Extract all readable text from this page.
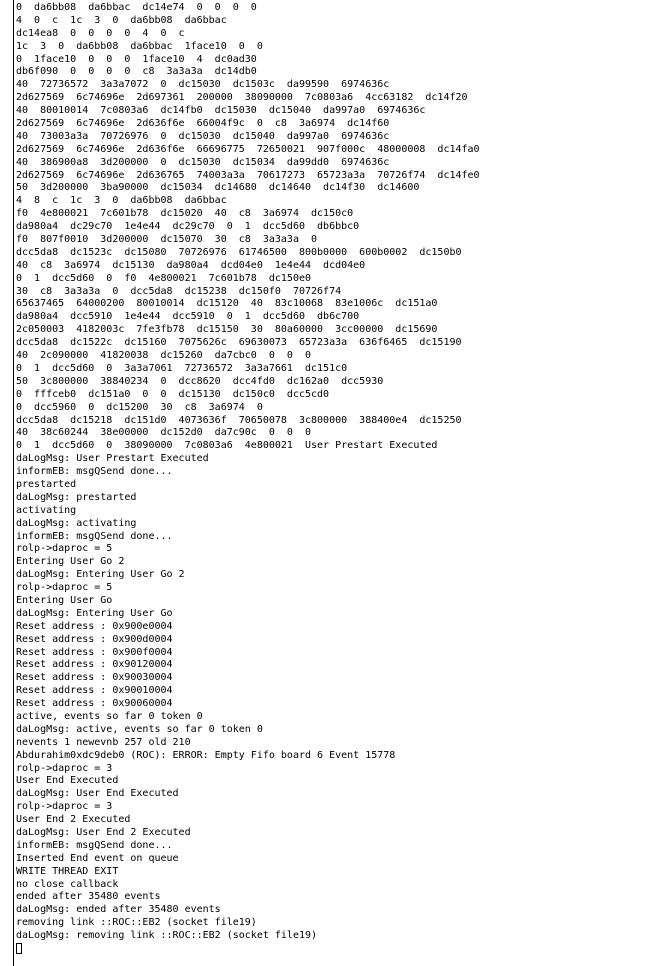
0  da6bb08  da6bbac  dc14e74  0  0  0  0
4  0  c  1c  3  0  da6bb08  da6bbac
dc14ea8  0  0  0  0  4  0  c
1c  3  0  da6bb08  da6bbac  1face10  0  0
0  1face10  0  0  0  1face10  4  dc0ad30
db6f090  0  0  0  0  c8  3a3a3a  dc14db0
40  72736572  3a3a7072  0  dc15030  dc1503c  da99590  6974636c
2d627569  6c74696e  2d697361  200000  38090000  7c0803a6  4cc63182  dc14f20
40  80010014  7c0803a6  dc14fb0  dc15030  dc15040  da997a0  6974636c
2d627569  6c74696e  2d636f6e  66004f9c  0  c8  3a6974  dc14f60
40  73003a3a  70726976  0  dc15030  dc15040  da997a0  6974636c
2d627569  6c74696e  2d636f6e  66696775  72650021  907f000c  48000008  dc14fa0
40  386900a8  3d200000  0  dc15030  dc15034  da99dd0  6974636c
2d627569  6c74696e  2d636765  74003a3a  70617273  65723a3a  70726f74  dc14fe0
50  3d200000  3ba90000  dc15034  dc14680  dc14640  dc14f30  dc14600
4  8  c  1c  3  0  da6bb08  da6bbac
f0  4e800021  7c601b78  dc15020  40  c8  3a6974  dc150c0
da980a4  dc29c70  1e4e44  dc29c70  0  1  dcc5d60  db6bbc0
f0  807f0010  3d200000  dc15070  30  c8  3a3a3a  0
dcc5da8  dc1523c  dc15080  70726976  61746500  800b0000  600b0002  dc150b0
40  c8  3a6974  dc15130  da980a4  dcd04e0  1e4e44  dcd04e0
0  1  dcc5d60  0  f0  4e800021  7c601b78  dc150e0
30  c8  3a3a3a  0  dcc5da8  dc15238  dc150f0  70726f74
65637465  64000200  80010014  dc15120  40  83c10068  83e1006c  dc151a0
da980a4  dcc5910  1e4e44  dcc5910  0  1  dcc5d60  db6c700
2c050003  4182003c  7fe3fb78  dc15150  30  80a60000  3cc00000  dc15690
dcc5da8  dc1522c  dc15160  7075626c  69630073  65723a3a  636f6465  dc15190
40  2c090000  41820038  dc15260  da7cbc0  0  0  0
0  1  dcc5d60  0  3a3a7061  72736572  3a3a7661  dc151c0
50  3c800000  38840234  0  dcc8620  dcc4fd0  dc162a0  dcc5930
0  fffceb0  dc151a0  0  0  dc15130  dc150c0  dcc5cd0
0  dcc5960  0  dc15200  30  c8  3a6974  0
dcc5da8  dc15218  dc151d0  4073636f  70650078  3c800000  388400e4  dc15250
40  38c60244  38e00000  dc152d0  da7c90c  0  0  0
0  1  dcc5d60  0  38090000  7c0803a6  4e800021  User Prestart Executed
daLogMsg: User Prestart Executed
informEB: msgQSend done...
prestarted
daLogMsg: prestarted
activating
daLogMsg: activating
informEB: msgQSend done...
rolp->daproc = 5
Entering User Go 2
daLogMsg: Entering User Go 2
rolp->daproc = 5
Entering User Go
daLogMsg: Entering User Go
Reset address : 0x900e0004
Reset address : 0x900d0004
Reset address : 0x900f0004
Reset address : 0x90120004
Reset address : 0x90030004
Reset address : 0x90010004
Reset address : 0x90060004
active, events so far 0 token 0
daLogMsg: active, events so far 0 token 0
nevents 1 newevnb 257 old 210
Abdurahim0xdc9deb0 (ROC): ERROR: Empty Fifo board 6 Event 15778
rolp->daproc = 3
User End Executed
daLogMsg: User End Executed
rolp->daproc = 3
User End 2 Executed
daLogMsg: User End 2 Executed
informEB: msgQSend done...
Inserted End event on queue
WRITE THREAD EXIT
no close callback
ended after 35480 events
daLogMsg: ended after 35480 events
removing link ::ROC::EB2 (socket file19)
daLogMsg: removing link ::ROC::EB2 (socket file19)
